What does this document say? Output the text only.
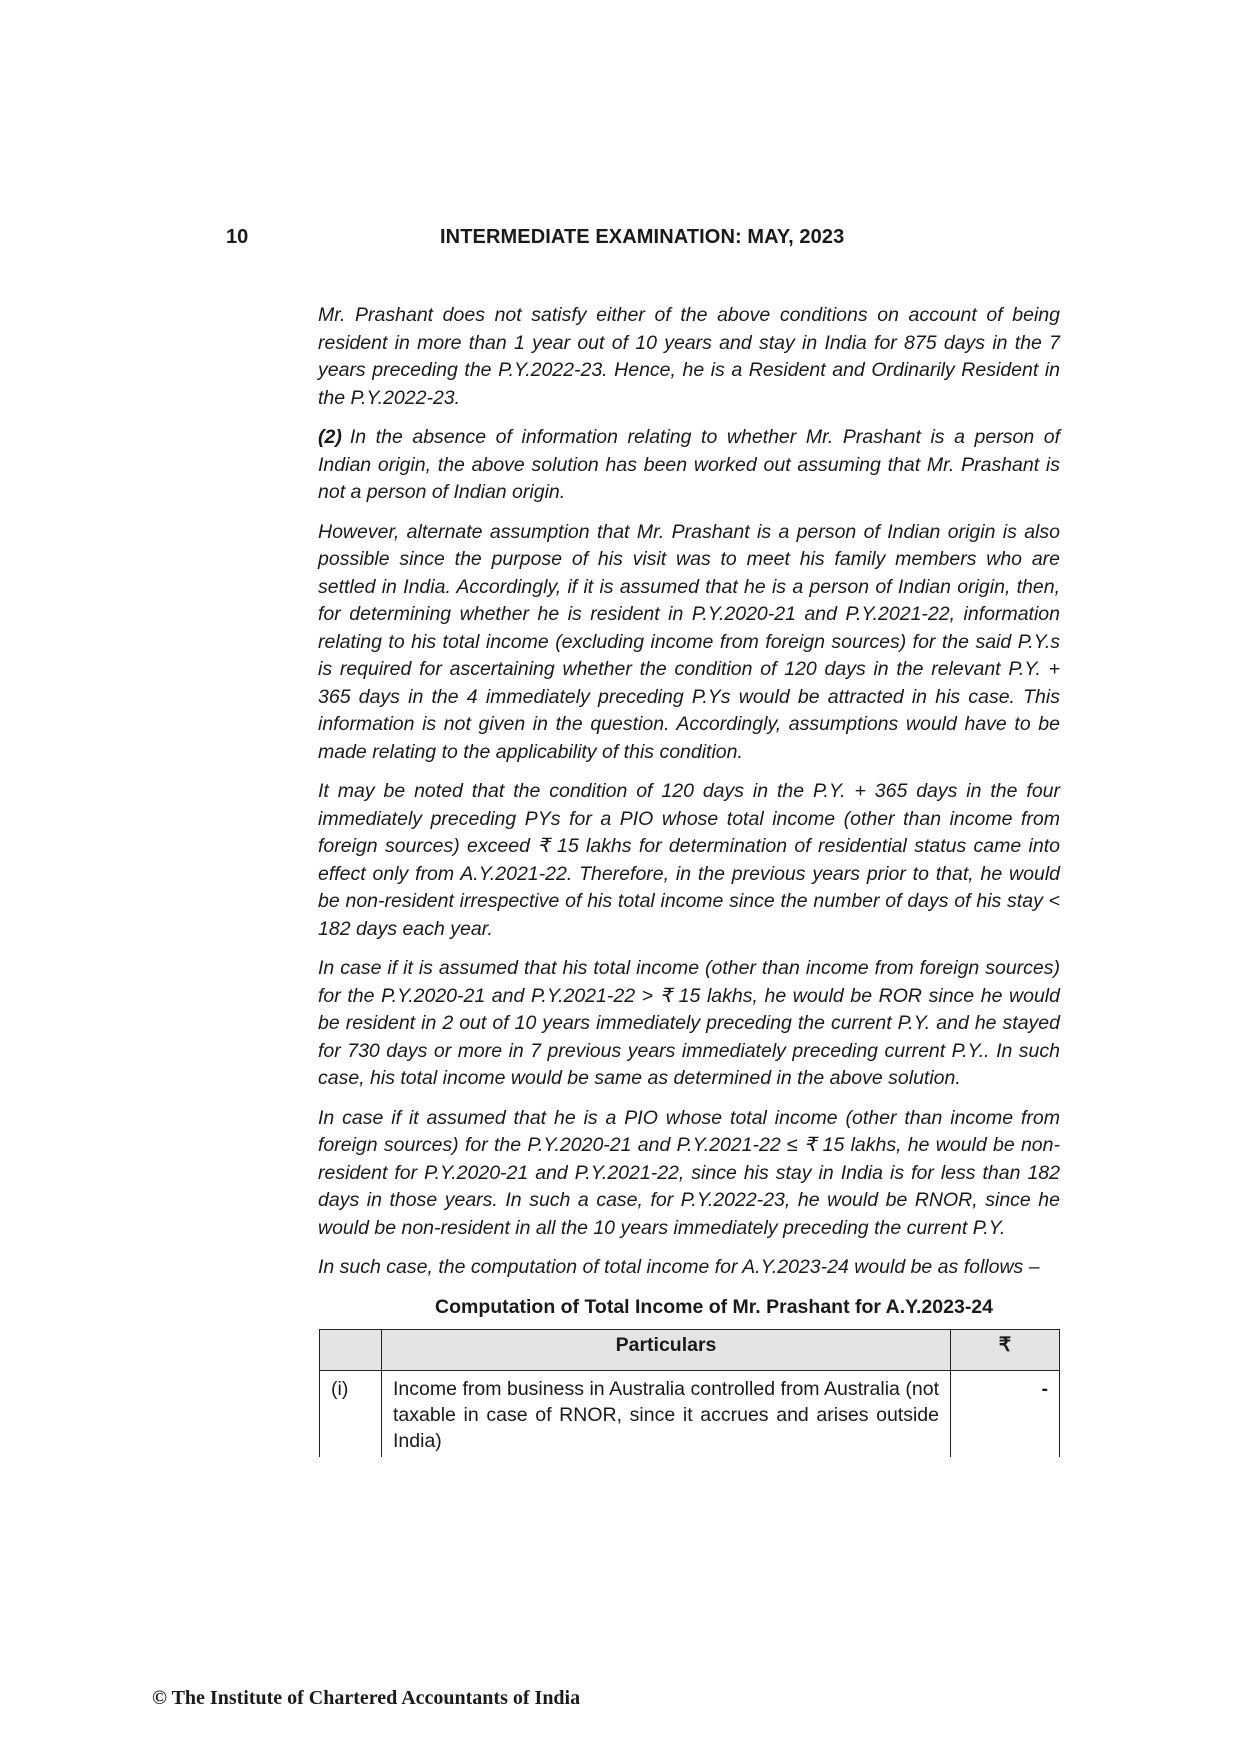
10	INTERMEDIATE EXAMINATION: MAY, 2023

Mr. Prashant does not satisfy either of the above conditions on account of being resident in more than 1 year out of 10 years and stay in India for 875 days in the 7 years preceding the P.Y.2022-23. Hence, he is a Resident and Ordinarily Resident in the P.Y.2022-23.

(2) In the absence of information relating to whether Mr. Prashant is a person of Indian origin, the above solution has been worked out assuming that Mr. Prashant is not a person of Indian origin.

However, alternate assumption that Mr. Prashant is a person of Indian origin is also possible since the purpose of his visit was to meet his family members who are settled in India. Accordingly, if it is assumed that he is a person of Indian origin, then, for determining whether he is resident in P.Y.2020-21 and P.Y.2021-22, information relating to his total income (excluding income from foreign sources) for the said P.Y.s is required for ascertaining whether the condition of 120 days in the relevant P.Y. + 365 days in the 4 immediately preceding P.Ys would be attracted in his case. This information is not given in the question. Accordingly, assumptions would have to be made relating to the applicability of this condition.

It may be noted that the condition of 120 days in the P.Y. + 365 days in the four immediately preceding PYs for a PIO whose total income (other than income from foreign sources) exceed ₹ 15 lakhs for determination of residential status came into effect only from A.Y.2021-22. Therefore, in the previous years prior to that, he would be non-resident irrespective of his total income since the number of days of his stay < 182 days each year.

In case if it is assumed that his total income (other than income from foreign sources) for the P.Y.2020-21 and P.Y.2021-22 > ₹ 15 lakhs, he would be ROR since he would be resident in 2 out of 10 years immediately preceding the current P.Y. and he stayed for 730 days or more in 7 previous years immediately preceding current P.Y.. In such case, his total income would be same as determined in the above solution.

In case if it assumed that he is a PIO whose total income (other than income from foreign sources) for the P.Y.2020-21 and P.Y.2021-22 ≤ ₹ 15 lakhs, he would be non-resident for P.Y.2020-21 and P.Y.2021-22, since his stay in India is for less than 182 days in those years. In such a case, for P.Y.2022-23, he would be RNOR, since he would be non-resident in all the 10 years immediately preceding the current P.Y.

In such case, the computation of total income for A.Y.2023-24 would be as follows –

Computation of Total Income of Mr. Prashant for A.Y.2023-24
	Particulars	₹
(i)	Income from business in Australia controlled from Australia (not taxable in case of RNOR, since it accrues and arises outside India)	-
© The Institute of Chartered Accountants of India
